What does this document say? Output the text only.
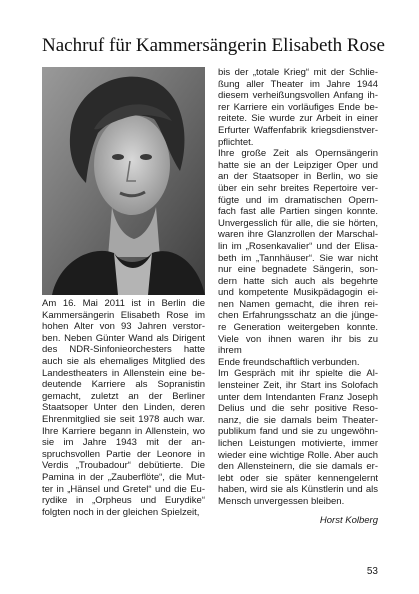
Nachruf für Kammersängerin Elisabeth Rose
Am 16. Mai 2011 ist in Berlin die
Kammersängerin Elisabeth Rose im
hohen Alter von 93 Jahren verstor-
ben. Neben Günter Wand als Dirigent
des NDR-Sinfonieorchesters hatte
auch sie als ehemaliges Mitglied des
Landestheaters in Allenstein eine be-
deutende Karriere als Sopranistin
gemacht, zuletzt an der Berliner
Staatsoper Unter den Linden, deren
Ehrenmitglied sie seit 1978 auch war.
Ihre Karriere begann in Allenstein, wo
sie im Jahre 1943 mit der an-
spruchsvollen Partie der Leonore in
Verdis „Troubadour“ debütierte. Die
Pamina in der „Zauberflöte“, die Mut-
ter in „Hänsel und Gretel“ und die Eu-
rydike in „Orpheus und Eurydike“
folgten noch in der gleichen Spielzeit,
bis der „totale Krieg“ mit der Schlie-
ßung aller Theater im Jahre 1944
diesem verheißungsvollen Anfang ih-
rer Karriere ein vorläufiges Ende be-
reitete. Sie wurde zur Arbeit in einer
Erfurter Waffenfabrik kriegsdienstver-
pflichtet.
Ihre große Zeit als Opernsängerin
hatte sie an der Leipziger Oper und
an der Staatsoper in Berlin, wo sie
über ein sehr breites Repertoire ver-
fügte und im dramatischen Opern-
fach fast alle Partien singen konnte.
Unvergesslich für alle, die sie hörten,
waren ihre Glanzrollen der Marschal-
lin im „Rosenkavalier“ und der Elisa-
beth im „Tannhäuser“. Sie war nicht
nur eine begnadete Sängerin, son-
dern hatte sich auch als begehrte
und kompetente Musikpädagogin ei-
nen Namen gemacht, die ihren rei-
chen Erfahrungsschatz an die jünge-
re Generation weitergeben konnte.
Viele von ihnen waren ihr bis zu ihrem
Ende freundschaftlich verbunden.
Im Gespräch mit ihr spielte die Al-
lensteiner Zeit, ihr Start ins Solofach
unter dem Intendanten Franz Joseph
Delius und die sehr positive Reso-
nanz, die sie damals beim Theater-
publikum fand und sie zu ungewöhn-
lichen Leistungen motivierte, immer
wieder eine wichtige Rolle. Aber auch
den Allensteinern, die sie damals er-
lebt oder sie später kennengelernt
haben, wird sie als Künstlerin und als
Mensch unvergessen bleiben.
Horst Kolberg
53
